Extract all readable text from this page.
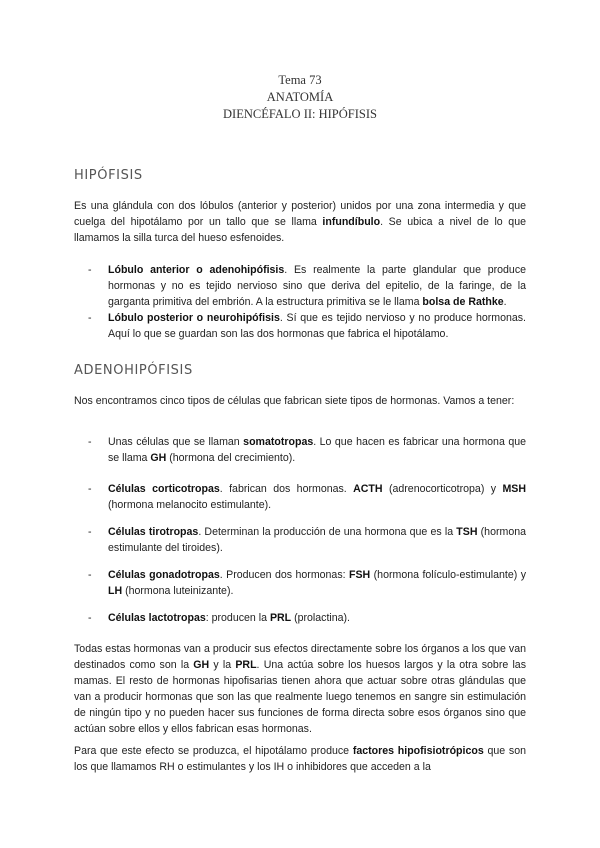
Tema 73
ANATOMÍA
DIENCÉFALO II: HIPÓFISIS
HIPÓFISIS
Es una glándula con dos lóbulos (anterior y posterior) unidos por una zona intermedia y que cuelga del hipotálamo por un tallo que se llama infundíbulo. Se ubica a nivel de lo que llamamos la silla turca del hueso esfenoides.
- Lóbulo anterior o adenohipófisis. Es realmente la parte glandular que produce hormonas y no es tejido nervioso sino que deriva del epitelio, de la faringe, de la garganta primitiva del embrión. A la estructura primitiva se le llama bolsa de Rathke.
- Lóbulo posterior o neurohipófisis. Sí que es tejido nervioso y no produce hormonas. Aquí lo que se guardan son las dos hormonas que fabrica el hipotálamo.
ADENOHIPÓFISIS
Nos encontramos cinco tipos de células que fabrican siete tipos de hormonas. Vamos a tener:
- Unas células que se llaman somatotropas. Lo que hacen es fabricar una hormona que se llama GH (hormona del crecimiento).
- Células corticotropas. fabrican dos hormonas. ACTH (adrenocorticotropa) y MSH (hormona melanocito estimulante).
- Células tirotropas. Determinan la producción de una hormona que es la TSH (hormona estimulante del tiroides).
- Células gonadotropas. Producen dos hormonas: FSH (hormona folículo-estimulante) y LH (hormona luteinizante).
- Células lactotropas: producen la PRL (prolactina).
Todas estas hormonas van a producir sus efectos directamente sobre los órganos a los que van destinados como son la GH y la PRL. Una actúa sobre los huesos largos y la otra sobre las mamas. El resto de hormonas hipofisarias tienen ahora que actuar sobre otras glándulas que van a producir hormonas que son las que realmente luego tenemos en sangre sin estimulación de ningún tipo y no pueden hacer sus funciones de forma directa sobre esos órganos sino que actúan sobre ellos y ellos fabrican esas hormonas.
Para que este efecto se produzca, el hipotálamo produce factores hipofisiotrópicos que son los que llamamos RH o estimulantes y los IH o inhibidores que acceden a la
